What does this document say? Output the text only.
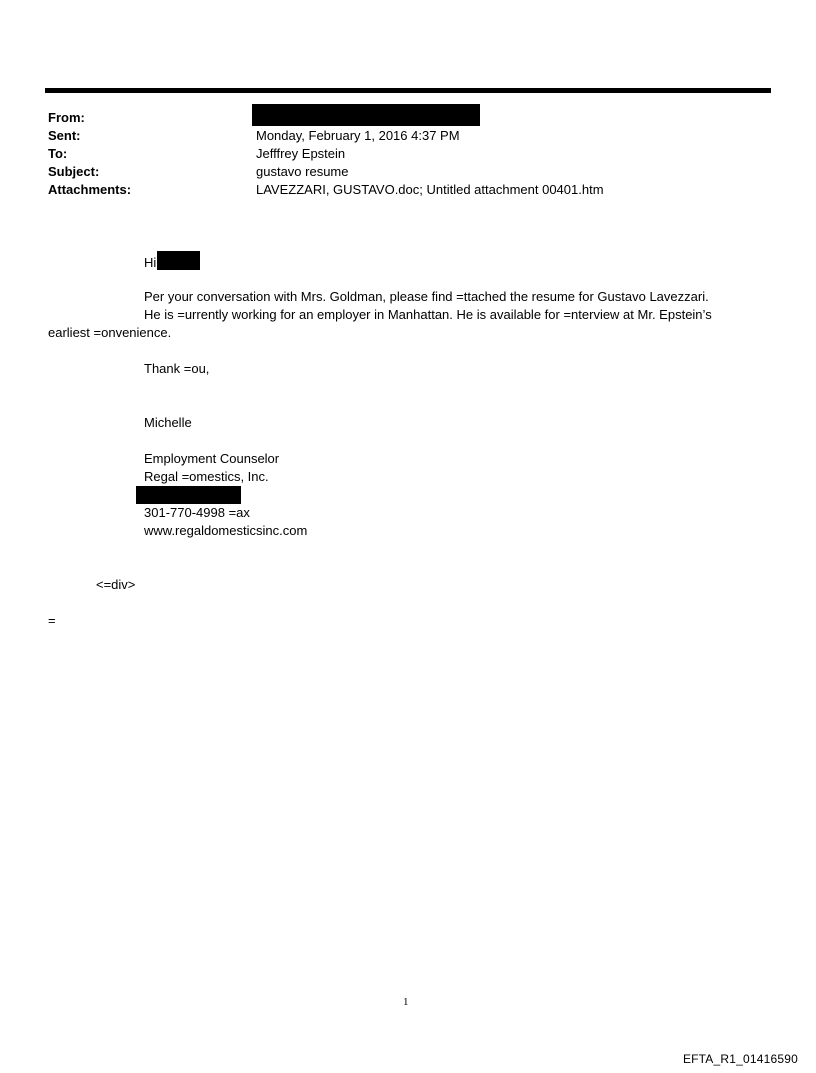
From:
Sent:
To:
Subject:
Attachments:
Monday, February 1, 2016 4:37 PM
Jefffrey Epstein
gustavo resume
LAVEZZARI, GUSTAVO.doc; Untitled attachment 00401.htm
Hi
Per your conversation with Mrs. Goldman, please find =ttached the resume for Gustavo Lavezzari.
He is =urrently working for an employer in Manhattan. He is available for =nterview at Mr. Epstein’s
earliest =onvenience.
Thank =ou,
Michelle
Employment Counselor
Regal =omestics, Inc.
301-770-4998 =ax
www.regaldomesticsinc.com
<=div>
=
1
EFTA_R1_01416590
